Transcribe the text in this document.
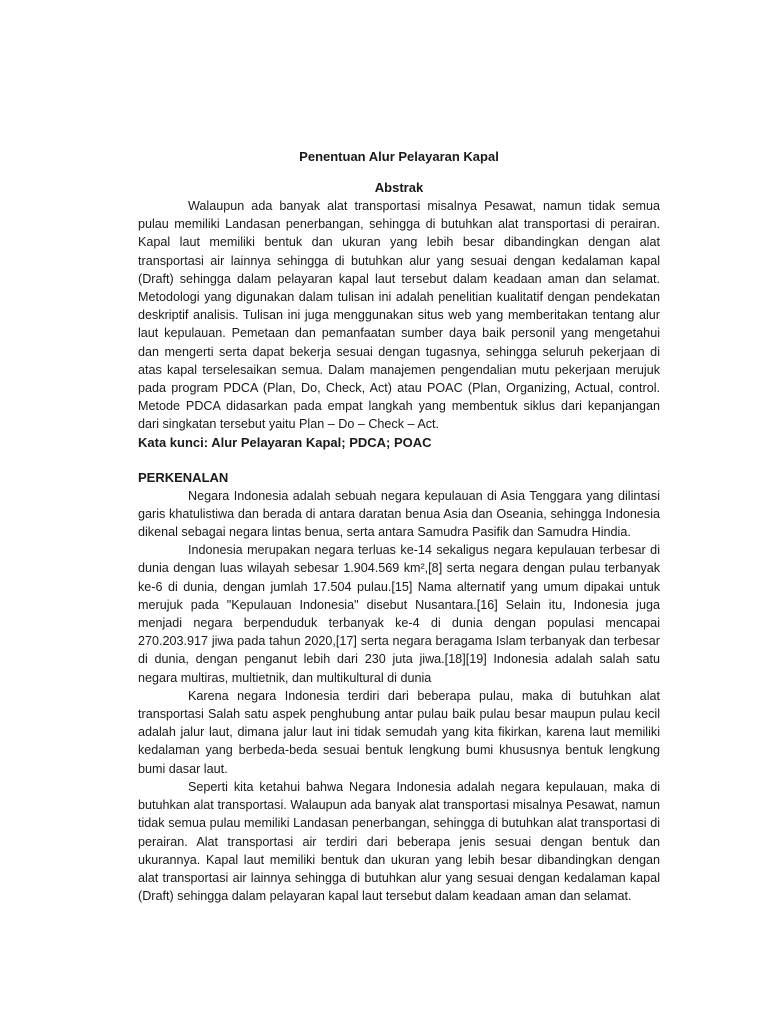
Penentuan Alur Pelayaran Kapal

Abstrak

Walaupun ada banyak alat transportasi misalnya Pesawat, namun tidak semua pulau memiliki Landasan penerbangan, sehingga di butuhkan alat transportasi di perairan. Kapal laut memiliki bentuk dan ukuran yang lebih besar dibandingkan dengan alat transportasi air lainnya sehingga di butuhkan alur yang sesuai dengan kedalaman kapal (Draft) sehingga dalam pelayaran kapal laut tersebut dalam keadaan aman dan selamat. Metodologi yang digunakan dalam tulisan ini adalah penelitian kualitatif dengan pendekatan deskriptif analisis. Tulisan ini juga menggunakan situs web yang memberitakan tentang alur laut kepulauan. Pemetaan dan pemanfaatan sumber daya baik personil yang mengetahui dan mengerti serta dapat bekerja sesuai dengan tugasnya, sehingga seluruh pekerjaan di atas kapal terselesaikan semua. Dalam manajemen pengendalian mutu pekerjaan merujuk pada program PDCA (Plan, Do, Check, Act) atau POAC (Plan, Organizing, Actual, control. Metode PDCA didasarkan pada empat langkah yang membentuk siklus dari kepanjangan dari singkatan tersebut yaitu Plan – Do – Check – Act.

Kata kunci: Alur Pelayaran Kapal; PDCA; POAC

PERKENALAN

Negara Indonesia adalah sebuah negara kepulauan di Asia Tenggara yang dilintasi garis khatulistiwa dan berada di antara daratan benua Asia dan Oseania, sehingga Indonesia dikenal sebagai negara lintas benua, serta antara Samudra Pasifik dan Samudra Hindia.

Indonesia merupakan negara terluas ke-14 sekaligus negara kepulauan terbesar di dunia dengan luas wilayah sebesar 1.904.569 km²,[8] serta negara dengan pulau terbanyak ke-6 di dunia, dengan jumlah 17.504 pulau.[15] Nama alternatif yang umum dipakai untuk merujuk pada "Kepulauan Indonesia" disebut Nusantara.[16] Selain itu, Indonesia juga menjadi negara berpenduduk terbanyak ke-4 di dunia dengan populasi mencapai 270.203.917 jiwa pada tahun 2020,[17] serta negara beragama Islam terbanyak dan terbesar di dunia, dengan penganut lebih dari 230 juta jiwa.[18][19] Indonesia adalah salah satu negara multiras, multietnik, dan multikultural di dunia

Karena negara Indonesia terdiri dari beberapa pulau, maka di butuhkan alat transportasi Salah satu aspek penghubung antar pulau baik pulau besar maupun pulau kecil adalah jalur laut, dimana jalur laut ini tidak semudah yang kita fikirkan, karena laut memiliki kedalaman yang berbeda-beda sesuai bentuk lengkung bumi khususnya bentuk lengkung bumi dasar laut.

Seperti kita ketahui bahwa Negara Indonesia adalah negara kepulauan, maka di butuhkan alat transportasi. Walaupun ada banyak alat transportasi misalnya Pesawat, namun tidak semua pulau memiliki Landasan penerbangan, sehingga di butuhkan alat transportasi di perairan. Alat transportasi air terdiri dari beberapa jenis sesuai dengan bentuk dan ukurannya. Kapal laut memiliki bentuk dan ukuran yang lebih besar dibandingkan dengan alat transportasi air lainnya sehingga di butuhkan alur yang sesuai dengan kedalaman kapal (Draft) sehingga dalam pelayaran kapal laut tersebut dalam keadaan aman dan selamat.
